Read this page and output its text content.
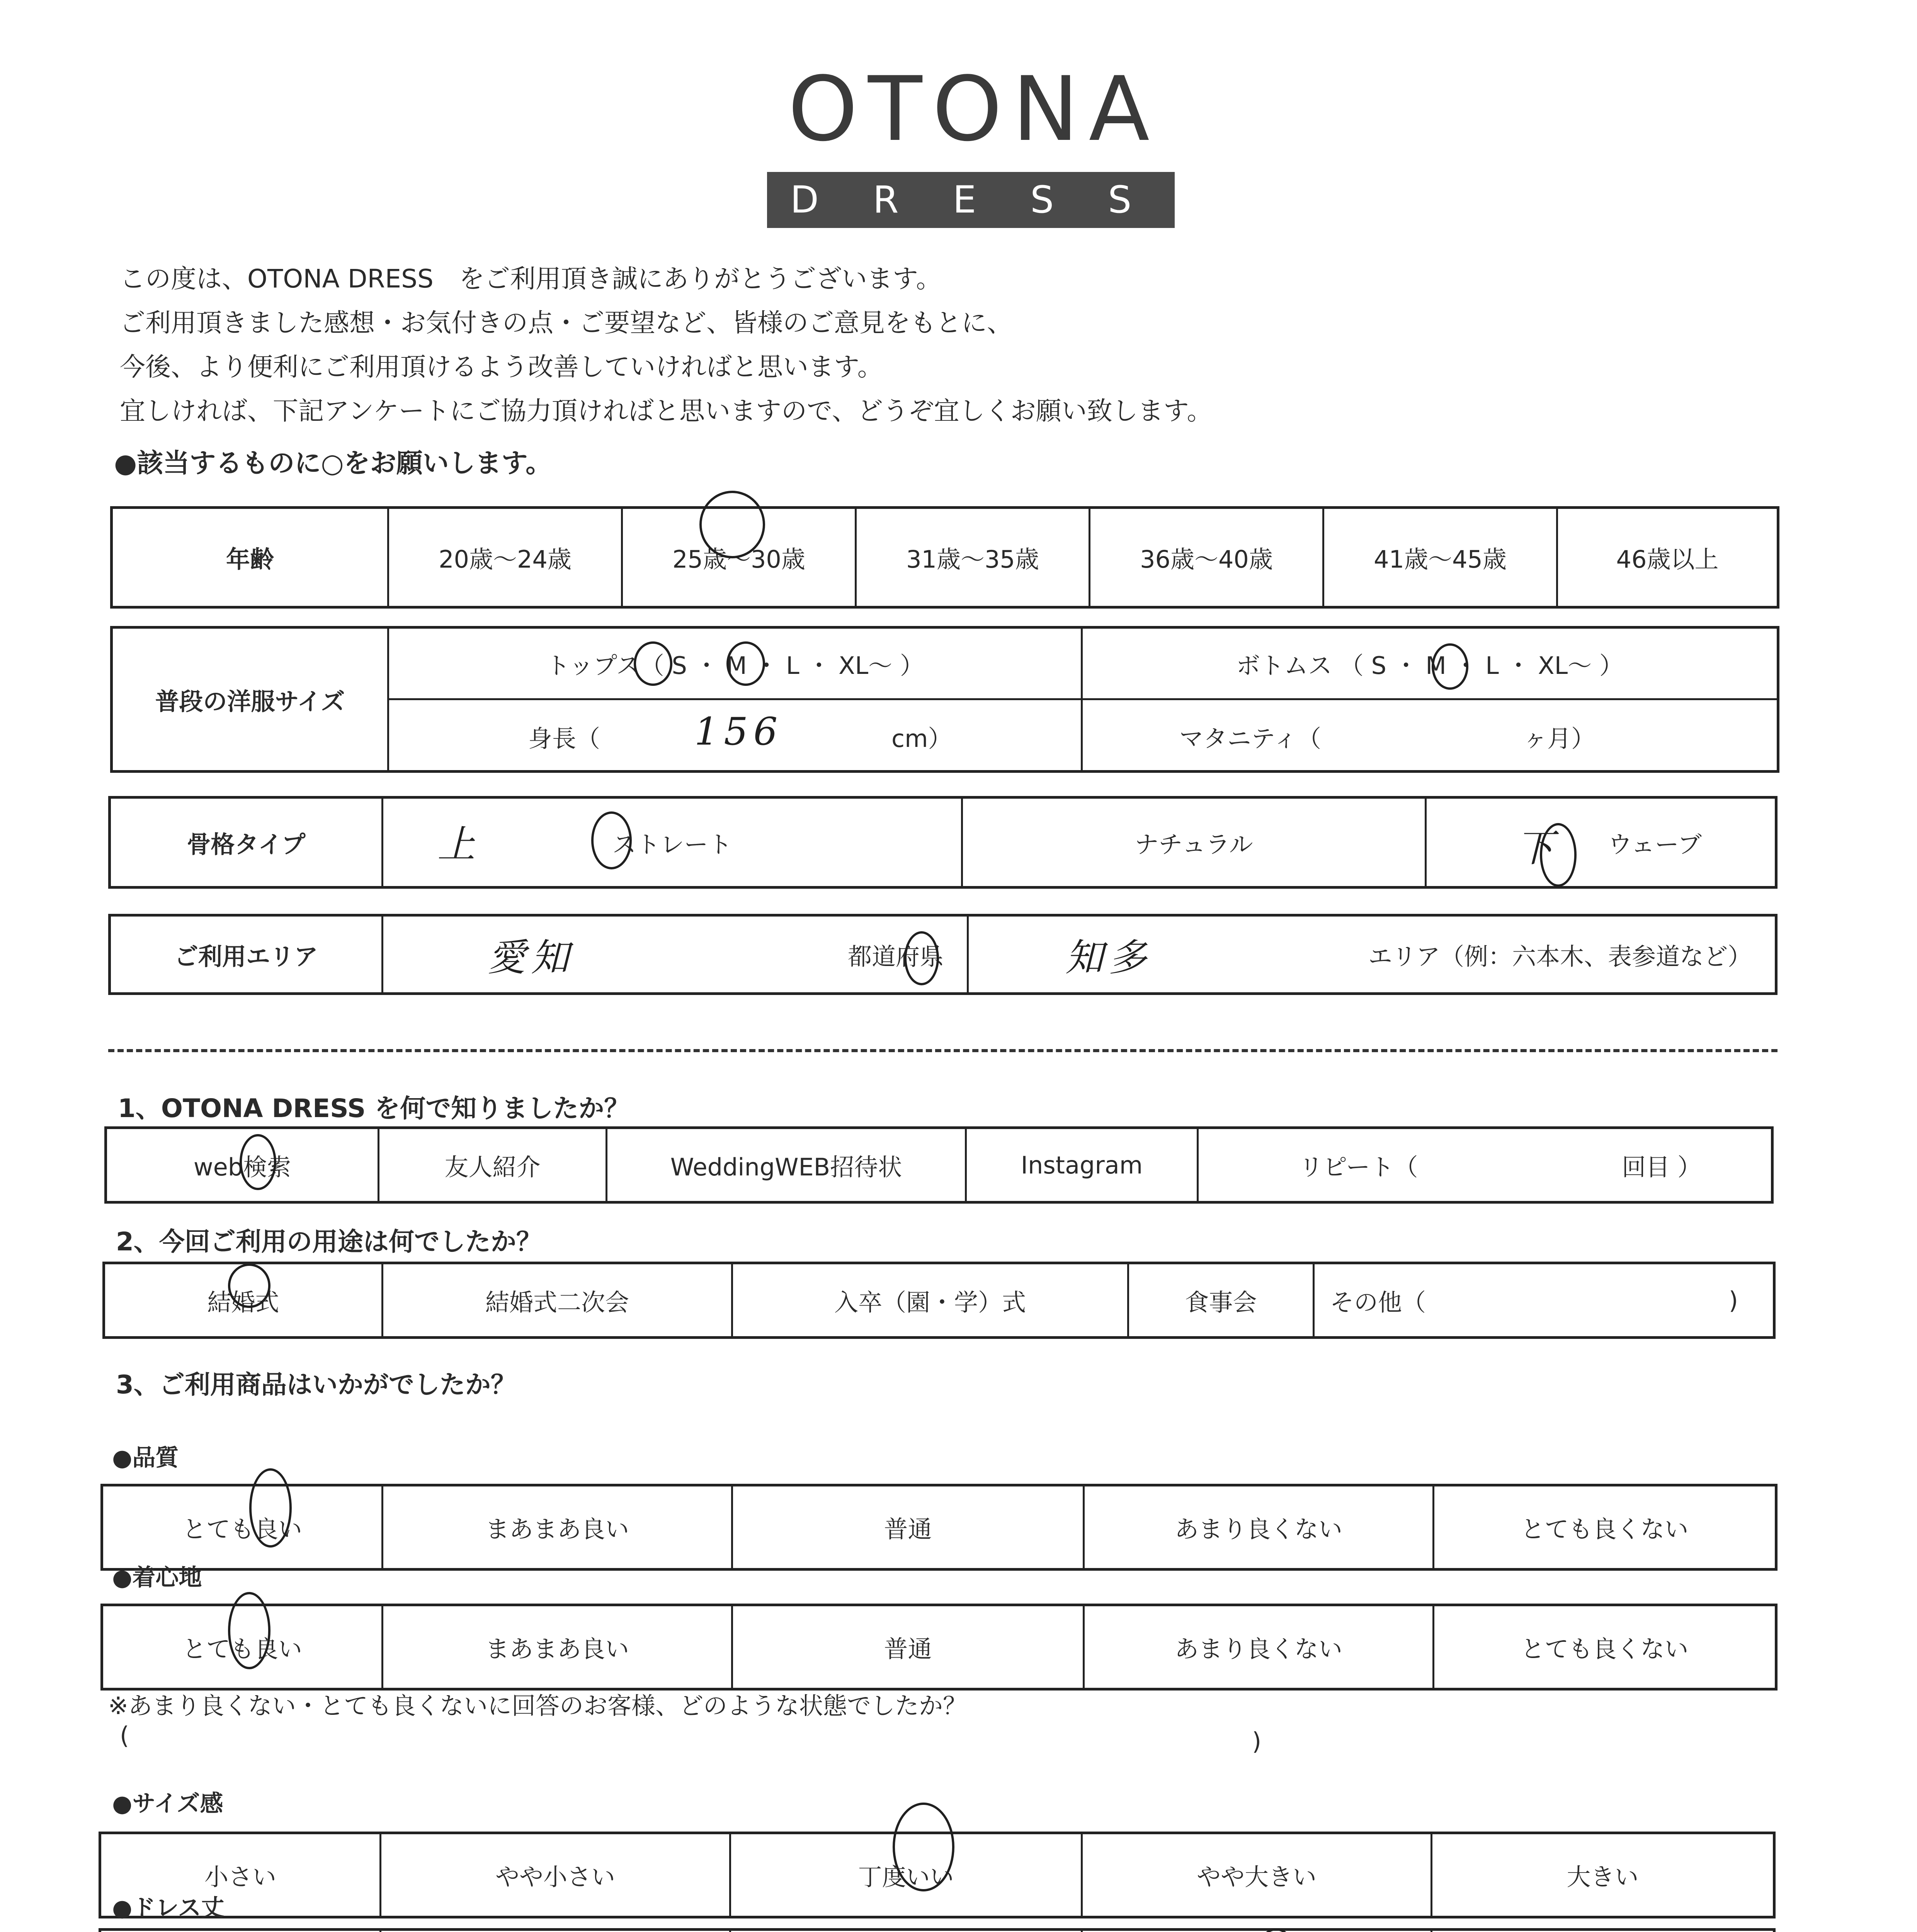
OTONA
DRESS
この度は、OTONA DRESS　をご利用頂き誠にありがとうございます。
ご利用頂きました感想・お気付きの点・ご要望など、皆様のご意見をもとに、
今後、より便利にご利用頂けるよう改善していければと思います。
宜しければ、下記アンケートにご協力頂ければと思いますので、どうぞ宜しくお願い致します。
●該当するものに○をお願いします。
年齢	20歳～24歳	25歳～30歳	31歳～35歳	36歳～40歳	41歳～45歳	46歳以上
普段の洋服サイズ
トップス（ S ・ M ・ L ・ XL～ ）	ボトムス （ S ・ M ・ L ・ XL～ ）
身長（ 156	cm）	マタニティ（	ヶ月）
骨格タイプ	上	ストレート	ナチュラル	下 ウェーブ
ご利用エリア	愛知	都道府県	知多	エリア（例：六本木、表参道など）
1、OTONA DRESS を何で知りましたか？
web検索	友人紹介	WeddingWEB招待状	Instagram	リピート（	回目 ）
2、今回ご利用の用途は何でしたか？
結婚式	結婚式二次会	入卒（園・学）式	食事会	その他（	)
3、ご利用商品はいかがでしたか？
●品質
とても良い	まあまあ良い	普通	あまり良くない	とても良くない
●着心地
とても良い	まあまあ良い	普通	あまり良くない	とても良くない
※あまり良くない・とても良くないに回答のお客様、どのような状態でしたか？
(	)
●サイズ感
小さい	やや小さい	丁度いい	やや大きい	大きい
●ドレス丈
